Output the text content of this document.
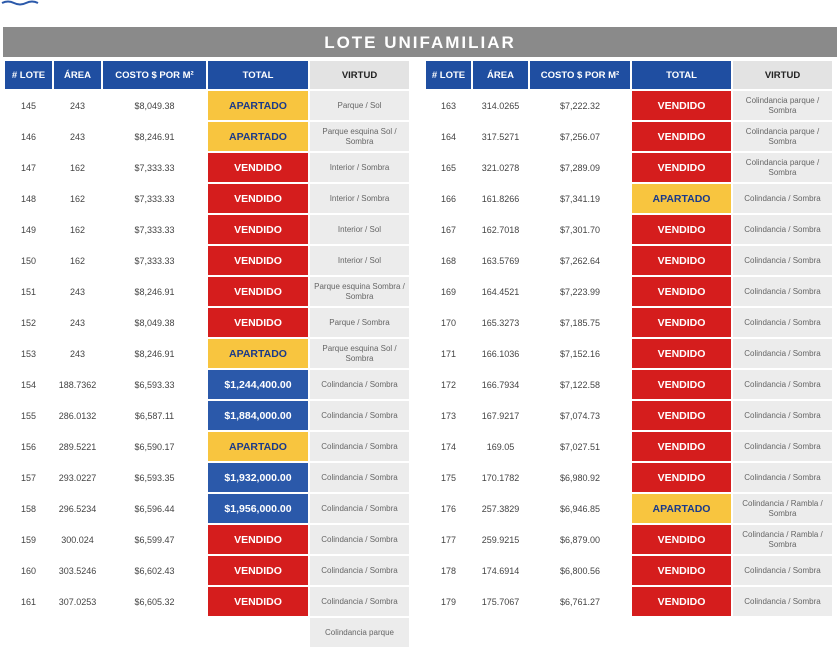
LOTE UNIFAMILIAR
# LOTE	ÁREA	COSTO $ POR M²	TOTAL	VIRTUD
145	243	$8,049.38	APARTADO	Parque / Sol
146	243	$8,246.91	APARTADO	Parque esquina Sol / Sombra
147	162	$7,333.33	VENDIDO	Interior / Sombra
148	162	$7,333.33	VENDIDO	Interior / Sombra
149	162	$7,333.33	VENDIDO	Interior / Sol
150	162	$7,333.33	VENDIDO	Interior / Sol
151	243	$8,246.91	VENDIDO	Parque esquina Sombra / Sombra
152	243	$8,049.38	VENDIDO	Parque / Sombra
153	243	$8,246.91	APARTADO	Parque esquina Sol / Sombra
154	188.7362	$6,593.33	$1,244,400.00	Colindancia / Sombra
155	286.0132	$6,587.11	$1,884,000.00	Colindancia / Sombra
156	289.5221	$6,590.17	APARTADO	Colindancia / Sombra
157	293.0227	$6,593.35	$1,932,000.00	Colindancia / Sombra
158	296.5234	$6,596.44	$1,956,000.00	Colindancia / Sombra
159	300.024	$6,599.47	VENDIDO	Colindancia / Sombra
160	303.5246	$6,602.43	VENDIDO	Colindancia / Sombra
161	307.0253	$6,605.32	VENDIDO	Colindancia / Sombra
				Colindancia parque
# LOTE	ÁREA	COSTO $ POR M²	TOTAL	VIRTUD
163	314.0265	$7,222.32	VENDIDO	Colindancia parque / Sombra
164	317.5271	$7,256.07	VENDIDO	Colindancia parque / Sombra
165	321.0278	$7,289.09	VENDIDO	Colindancia parque / Sombra
166	161.8266	$7,341.19	APARTADO	Colindancia / Sombra
167	162.7018	$7,301.70	VENDIDO	Colindancia / Sombra
168	163.5769	$7,262.64	VENDIDO	Colindancia / Sombra
169	164.4521	$7,223.99	VENDIDO	Colindancia / Sombra
170	165.3273	$7,185.75	VENDIDO	Colindancia / Sombra
171	166.1036	$7,152.16	VENDIDO	Colindancia / Sombra
172	166.7934	$7,122.58	VENDIDO	Colindancia / Sombra
173	167.9217	$7,074.73	VENDIDO	Colindancia / Sombra
174	169.05	$7,027.51	VENDIDO	Colindancia / Sombra
175	170.1782	$6,980.92	VENDIDO	Colindancia / Sombra
176	257.3829	$6,946.85	APARTADO	Colindancia / Rambla / Sombra
177	259.9215	$6,879.00	VENDIDO	Colindancia / Rambla / Sombra
178	174.6914	$6,800.56	VENDIDO	Colindancia / Sombra
179	175.7067	$6,761.27	VENDIDO	Colindancia / Sombra
